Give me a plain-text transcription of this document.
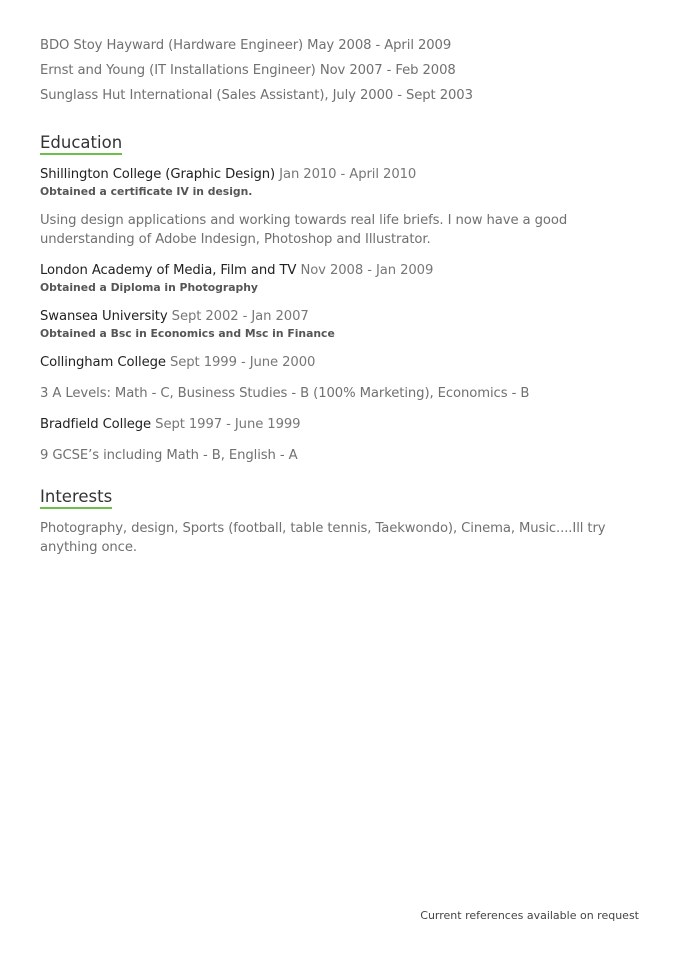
BDO Stoy Hayward (Hardware Engineer) May 2008 - April 2009
Ernst and Young (IT Installations Engineer) Nov 2007 - Feb 2008
Sunglass Hut International (Sales Assistant), July 2000 - Sept 2003
Education
Shillington College (Graphic Design) Jan 2010 - April 2010
Obtained a certificate IV in design.
Using design applications and working towards real life briefs. I now have a good understanding of Adobe Indesign, Photoshop and Illustrator.
London Academy of Media, Film and TV Nov 2008 - Jan 2009
Obtained a Diploma in Photography
Swansea University Sept 2002 - Jan 2007
Obtained a Bsc in Economics and Msc in Finance
Collingham College Sept 1999 - June 2000
3 A Levels: Math - C, Business Studies - B (100% Marketing), Economics - B
Bradfield College Sept 1997 - June 1999
9 GCSE’s including Math - B, English - A
Interests
Photography, design, Sports (football, table tennis, Taekwondo), Cinema, Music....Ill try anything once.
Current references available on request
